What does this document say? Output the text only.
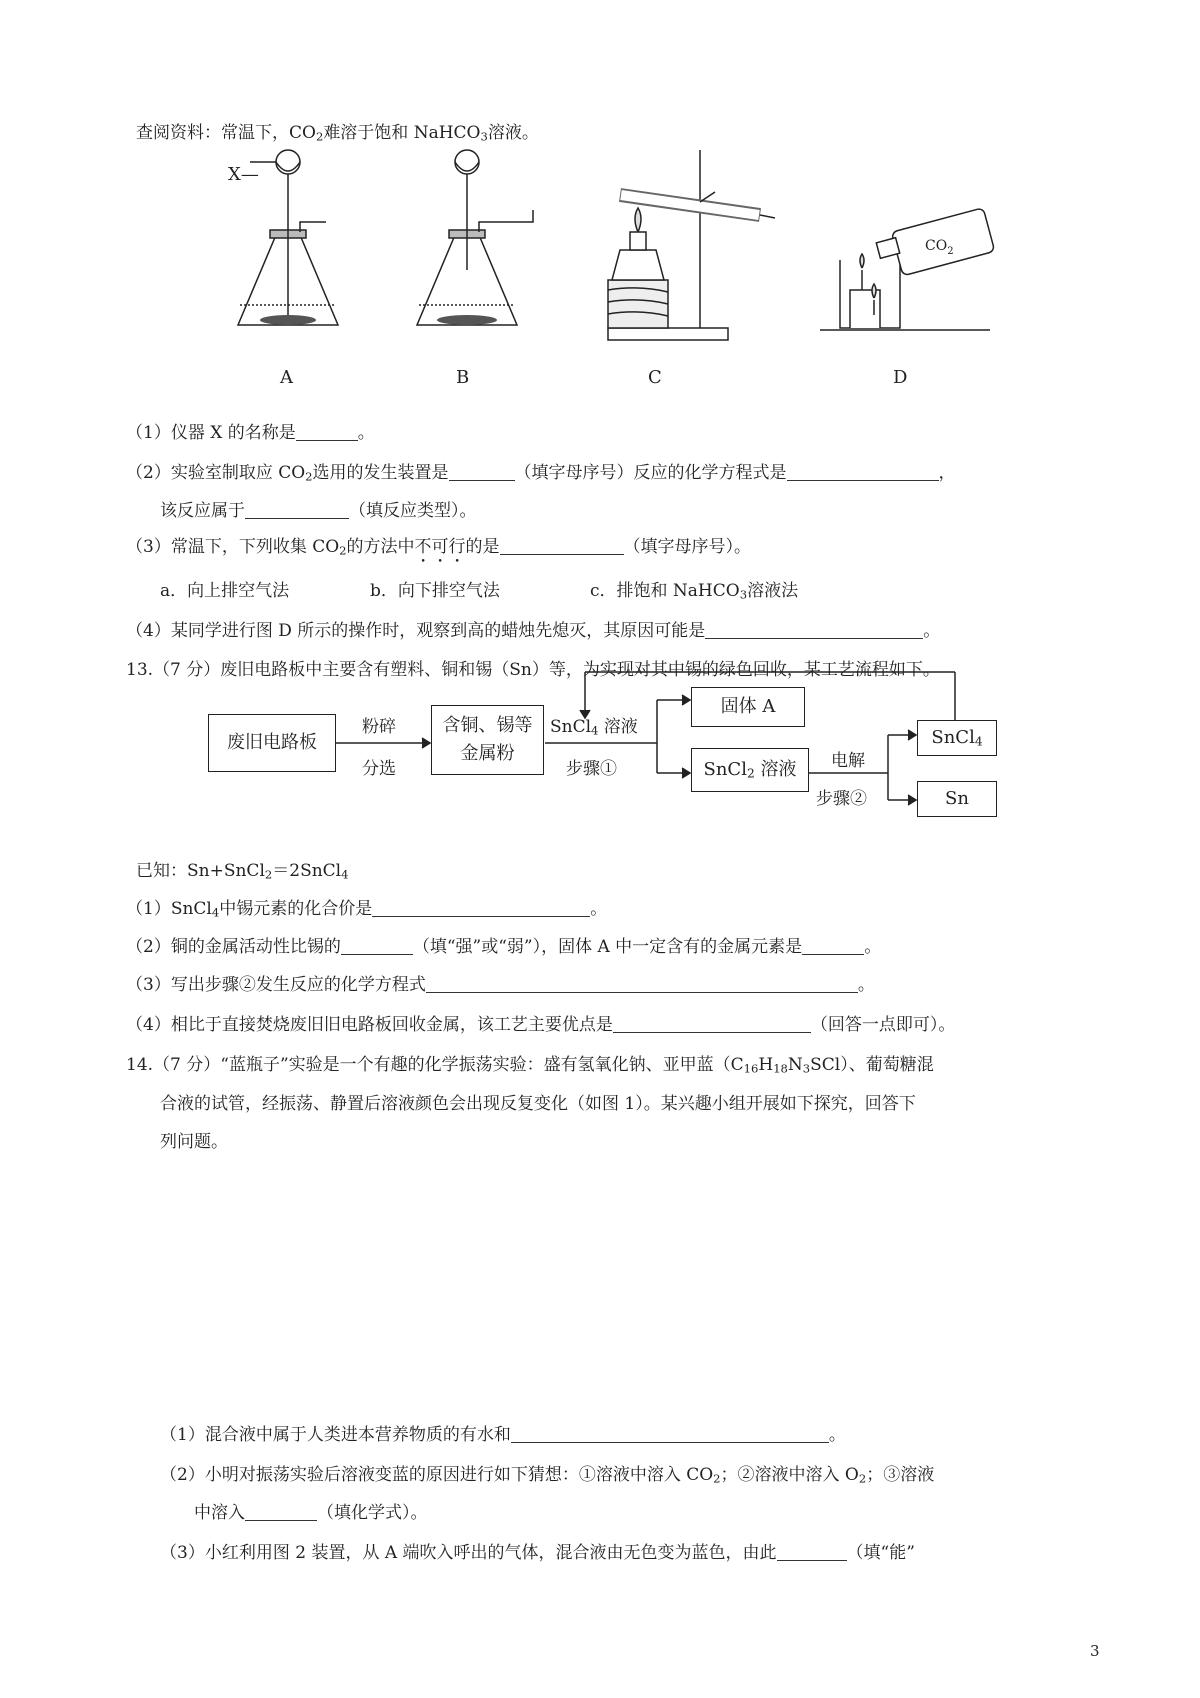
查阅资料：常温下，$CO_2$难溶于饱和 NaHCO$_3$溶液。
X—
$CO_2$
A	B	C	D
（1）仪器 X 的名称是	。
（2）实验室制取应 $CO_2$选用的发生装置是	（填字母序号）反应的化学方程式是	，
该反应属于	（填反应类型）。
（3）常温下，下列收集 $CO_2$的方法中不可行的是	（填字母序号）。
a．向上排空气法	b．向下排空气法	c．排饱和 NaHCO$_3$溶液法
（4）某同学进行图 D 所示的操作时，观察到高的蜡烛先熄灭，其原因可能是	。
13.（7 分）废旧电路板中主要含有塑料、铜和锡（Sn）等，为实现对其中锡的绿色回收，某工艺流程如下。
废旧电路板
粉碎
分选
含铜、锡等
金属粉
SnCl$_4$ 溶液
步骤①
固体 A
SnCl$_2$ 溶液	电解
步骤②
SnCl$_4$
Sn
已知：Sn+SnCl$_2$＝2SnCl$_4$
（1）SnCl$_4$中锡元素的化合价是	。
（2）铜的金属活动性比锡的	（填“强”或“弱”），固体 A 中一定含有的金属元素是	。
（3）写出步骤②发生反应的化学方程式	。
（4）相比于直接焚烧废旧旧电路板回收金属，该工艺主要优点是	（回答一点即可）。
14.（7 分）“蓝瓶子”实验是一个有趣的化学振荡实验：盛有氢氧化钠、亚甲蓝$(C_{16}H_{18}N_3SCl)$、葡萄糖混
合液的试管，经振荡、静置后溶液颜色会出现反复变化（如图 1）。某兴趣小组开展如下探究，回答下
列问题。
（1）混合液中属于人类进本营养物质的有水和	。
（2）小明对振荡实验后溶液变蓝的原因进行如下猜想：①溶液中溶入 $CO_2$；②溶液中溶入 $O_2$；③溶液
中溶入	（填化学式）。
（3）小红利用图 2 装置，从 A 端吹入呼出的气体，混合液由无色变为蓝色，由此	（填“能”
3
